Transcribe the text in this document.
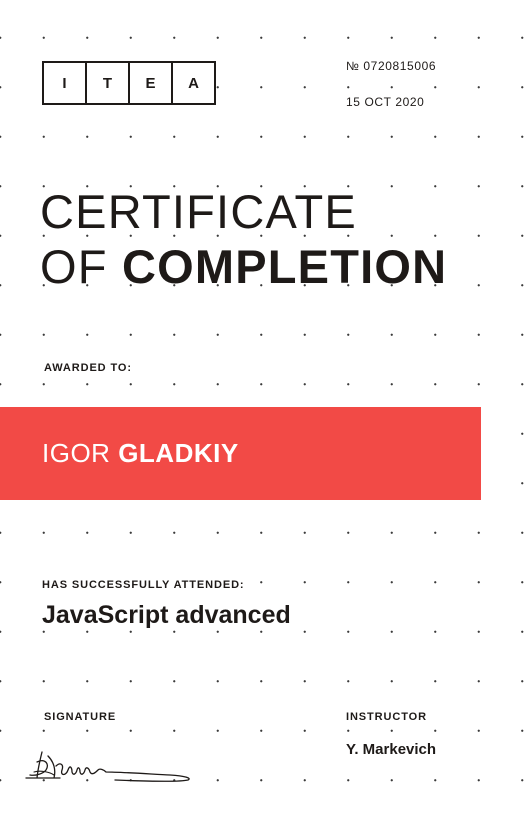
I	T	E	A
№ 0720815006
15 OCT 2020
CERTIFICATE
OF COMPLETION
AWARDED TO:
IGOR GLADKIY
HAS SUCCESSFULLY ATTENDED:
JavaScript advanced
SIGNATURE	INSTRUCTOR
Y. Markevich
